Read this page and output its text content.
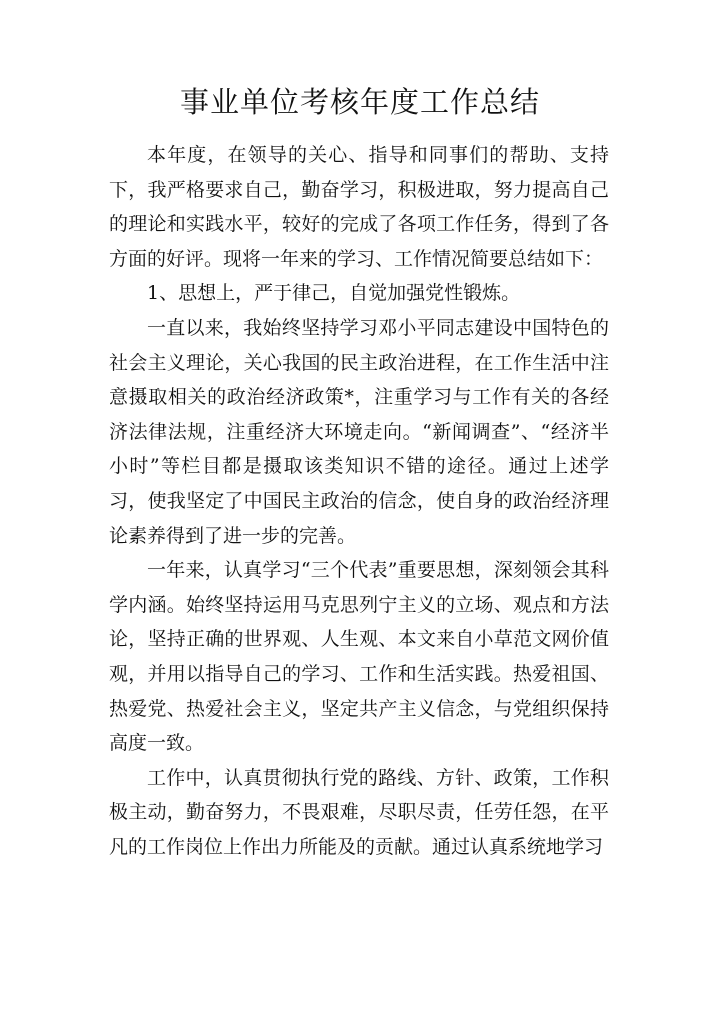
事业单位考核年度工作总结

本年度，在领导的关心、指导和同事们的帮助、支持下，我严格要求自己，勤奋学习，积极进取，努力提高自己的理论和实践水平，较好的完成了各项工作任务，得到了各方面的好评。现将一年来的学习、工作情况简要总结如下：

1、思想上，严于律己，自觉加强党性锻炼。

一直以来，我始终坚持学习邓小平同志建设中国特色的社会主义理论，关心我国的民主政治进程，在工作生活中注意摄取相关的政治经济政策*，注重学习与工作有关的各经济法律法规，注重经济大环境走向。“新闻调查”、“经济半小时”等栏目都是摄取该类知识不错的途径。通过上述学习，使我坚定了中国民主政治的信念，使自身的政治经济理论素养得到了进一步的完善。

一年来，认真学习“三个代表”重要思想，深刻领会其科学内涵。始终坚持运用马克思列宁主义的立场、观点和方法论，坚持正确的世界观、人生观、本文来自小草范文网价值观，并用以指导自己的学习、工作和生活实践。热爱祖国、热爱党、热爱社会主义，坚定共产主义信念，与党组织保持高度一致。

工作中，认真贯彻执行党的路线、方针、政策，工作积极主动，勤奋努力，不畏艰难，尽职尽责，任劳任怨，在平凡的工作岗位上作出力所能及的贡献。通过认真系统地学习
